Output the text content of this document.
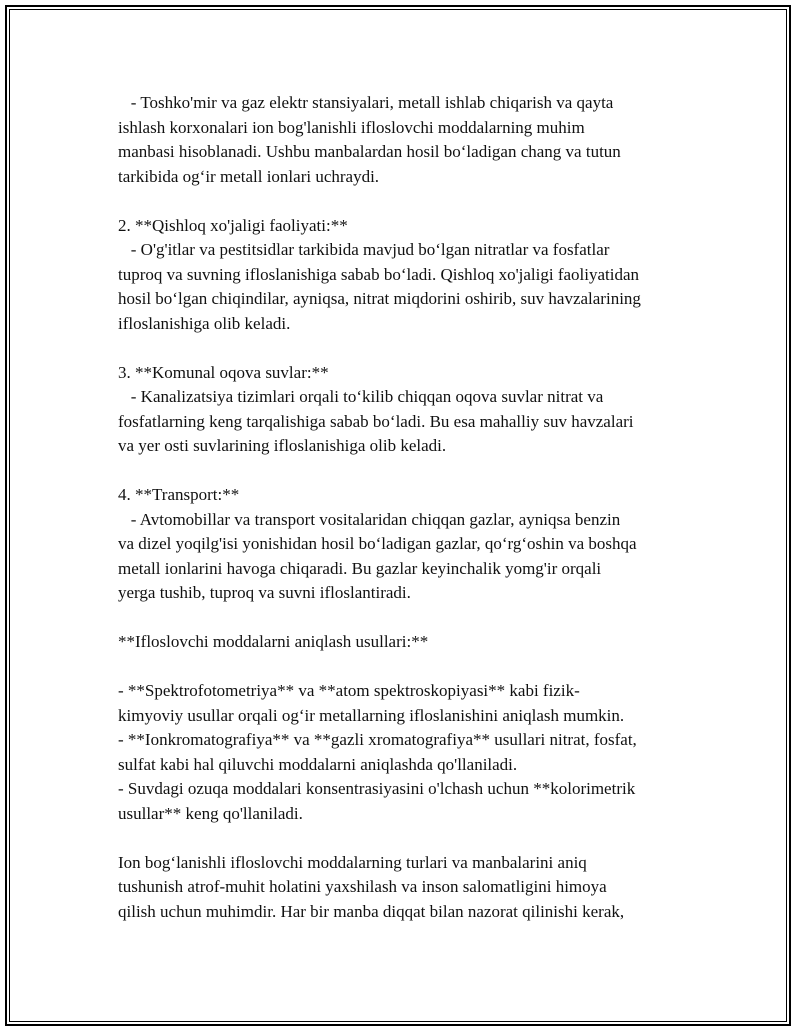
- Toshko'mir va gaz elektr stansiyalari, metall ishlab chiqarish va qayta
ishlash korxonalari ion bog'lanishli ifloslovchi moddalarning muhim
manbasi hisoblanadi. Ushbu manbalardan hosil bo‘ladigan chang va tutun
tarkibida og‘ir metall ionlari uchraydi.
2. **Qishloq xo'jaligi faoliyati:**
- O'g'itlar va pestitsidlar tarkibida mavjud bo‘lgan nitratlar va fosfatlar
tuproq va suvning ifloslanishiga sabab bo‘ladi. Qishloq xo'jaligi faoliyatidan
hosil bo‘lgan chiqindilar, ayniqsa, nitrat miqdorini oshirib, suv havzalarining
ifloslanishiga olib keladi.
3. **Komunal oqova suvlar:**
- Kanalizatsiya tizimlari orqali to‘kilib chiqqan oqova suvlar nitrat va
fosfatlarning keng tarqalishiga sabab bo‘ladi. Bu esa mahalliy suv havzalari
va yer osti suvlarining ifloslanishiga olib keladi.
4. **Transport:**
- Avtomobillar va transport vositalaridan chiqqan gazlar, ayniqsa benzin
va dizel yoqilg'isi yonishidan hosil bo‘ladigan gazlar, qo‘rg‘oshin va boshqa
metall ionlarini havoga chiqaradi. Bu gazlar keyinchalik yomg'ir orqali
yerga tushib, tuproq va suvni ifloslantiradi.
**Ifloslovchi moddalarni aniqlash usullari:**
- **Spektrofotometriya** va **atom spektroskopiyasi** kabi fizik-
kimyoviy usullar orqali og‘ir metallarning ifloslanishini aniqlash mumkin.
- **Ionkromatografiya** va **gazli xromatografiya** usullari nitrat, fosfat,
sulfat kabi hal qiluvchi moddalarni aniqlashda qo'llaniladi.
- Suvdagi ozuqa moddalari konsentrasiyasini o'lchash uchun **kolorimetrik
usullar** keng qo'llaniladi.
Ion bog‘lanishli ifloslovchi moddalarning turlari va manbalarini aniq
tushunish atrof-muhit holatini yaxshilash va inson salomatligini himoya
qilish uchun muhimdir. Har bir manba diqqat bilan nazorat qilinishi kerak,
